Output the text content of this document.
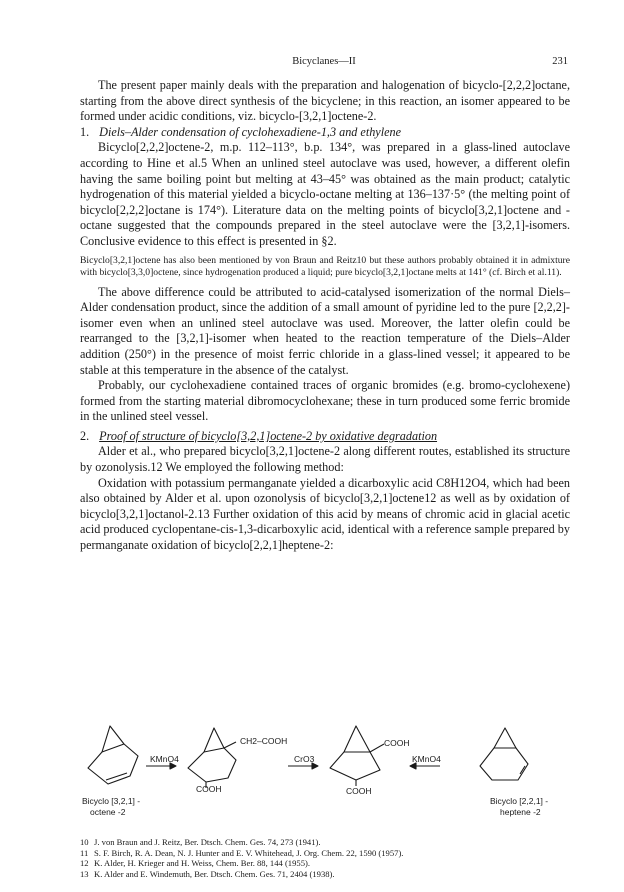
Bicyclanes—II	231

The present paper mainly deals with the preparation and halogenation of bicyclo-[2,2,2]octane, starting from the above direct synthesis of the bicyclene; in this reaction, an isomer appeared to be formed under acidic conditions, viz. bicyclo-[3,2,1]octene-2.

1. Diels–Alder condensation of cyclohexadiene-1,3 and ethylene

Bicyclo[2,2,2]octene-2, m.p. 112–113°, b.p. 134°, was prepared in a glass-lined autoclave according to Hine et al.5 When an unlined steel autoclave was used, however, a different olefin having the same boiling point but melting at 43–45° was obtained as the main product; catalytic hydrogenation of this material yielded a bicyclo-octane melting at 136–137·5° (the melting point of bicyclo[2,2,2]octane is 174°). Literature data on the melting points of bicyclo[3,2,1]octene and -octane suggested that the compounds prepared in the steel autoclave were the [3,2,1]-isomers. Conclusive evidence to this effect is presented in §2.

Bicyclo[3,2,1]octene has also been mentioned by von Braun and Reitz10 but these authors probably obtained it in admixture with bicyclo[3,3,0]octene, since hydrogenation produced a liquid; pure bicyclo[3,2,1]octane melts at 141° (cf. Birch et al.11).

The above difference could be attributed to acid-catalysed isomerization of the normal Diels–Alder condensation product, since the addition of a small amount of pyridine led to the pure [2,2,2]-isomer even when an unlined steel autoclave was used. Moreover, the latter olefin could be rearranged to the [3,2,1]-isomer when heated to the reaction temperature of the Diels–Alder addition (250°) in the presence of moist ferric chloride in a glass-lined vessel; it appeared to be stable at this temperature in the absence of the catalyst.

Probably, our cyclohexadiene contained traces of organic bromides (e.g. bromo-cyclohexene) formed from the starting material dibromocyclohexane; these in turn produced some ferric bromide in the unlined steel vessel.

2. Proof of structure of bicyclo[3,2,1]octene-2 by oxidative degradation

Alder et al., who prepared bicyclo[3,2,1]octene-2 along different routes, established its structure by ozonolysis.12 We employed the following method:

Oxidation with potassium permanganate yielded a dicarboxylic acid C8H12O4, which had been also obtained by Alder et al. upon ozonolysis of bicyclo[3,2,1]octene12 as well as by oxidation of bicyclo[3,2,1]octanol-2.13 Further oxidation of this acid by means of chromic acid in glacial acetic acid produced cyclopentane-cis-1,3-dicarboxylic acid, identical with a reference sample prepared by permanganate oxidation of bicyclo[2,2,1]heptene-2:

CH2–COOH
COOH
COOH
COOH
KMnO4	CrO3	KMnO4
Bicyclo [3,2,1] -
octene -2
Bicyclo [2,2,1] -
heptene -2
10 J. von Braun and J. Reitz, Ber. Dtsch. Chem. Ges. 74, 273 (1941).
11 S. F. Birch, R. A. Dean, N. J. Hunter and E. V. Whitehead, J. Org. Chem. 22, 1590 (1957).
12 K. Alder, H. Krieger and H. Weiss, Chem. Ber. 88, 144 (1955).
13 K. Alder and E. Windemuth, Ber. Dtsch. Chem. Ges. 71, 2404 (1938).
